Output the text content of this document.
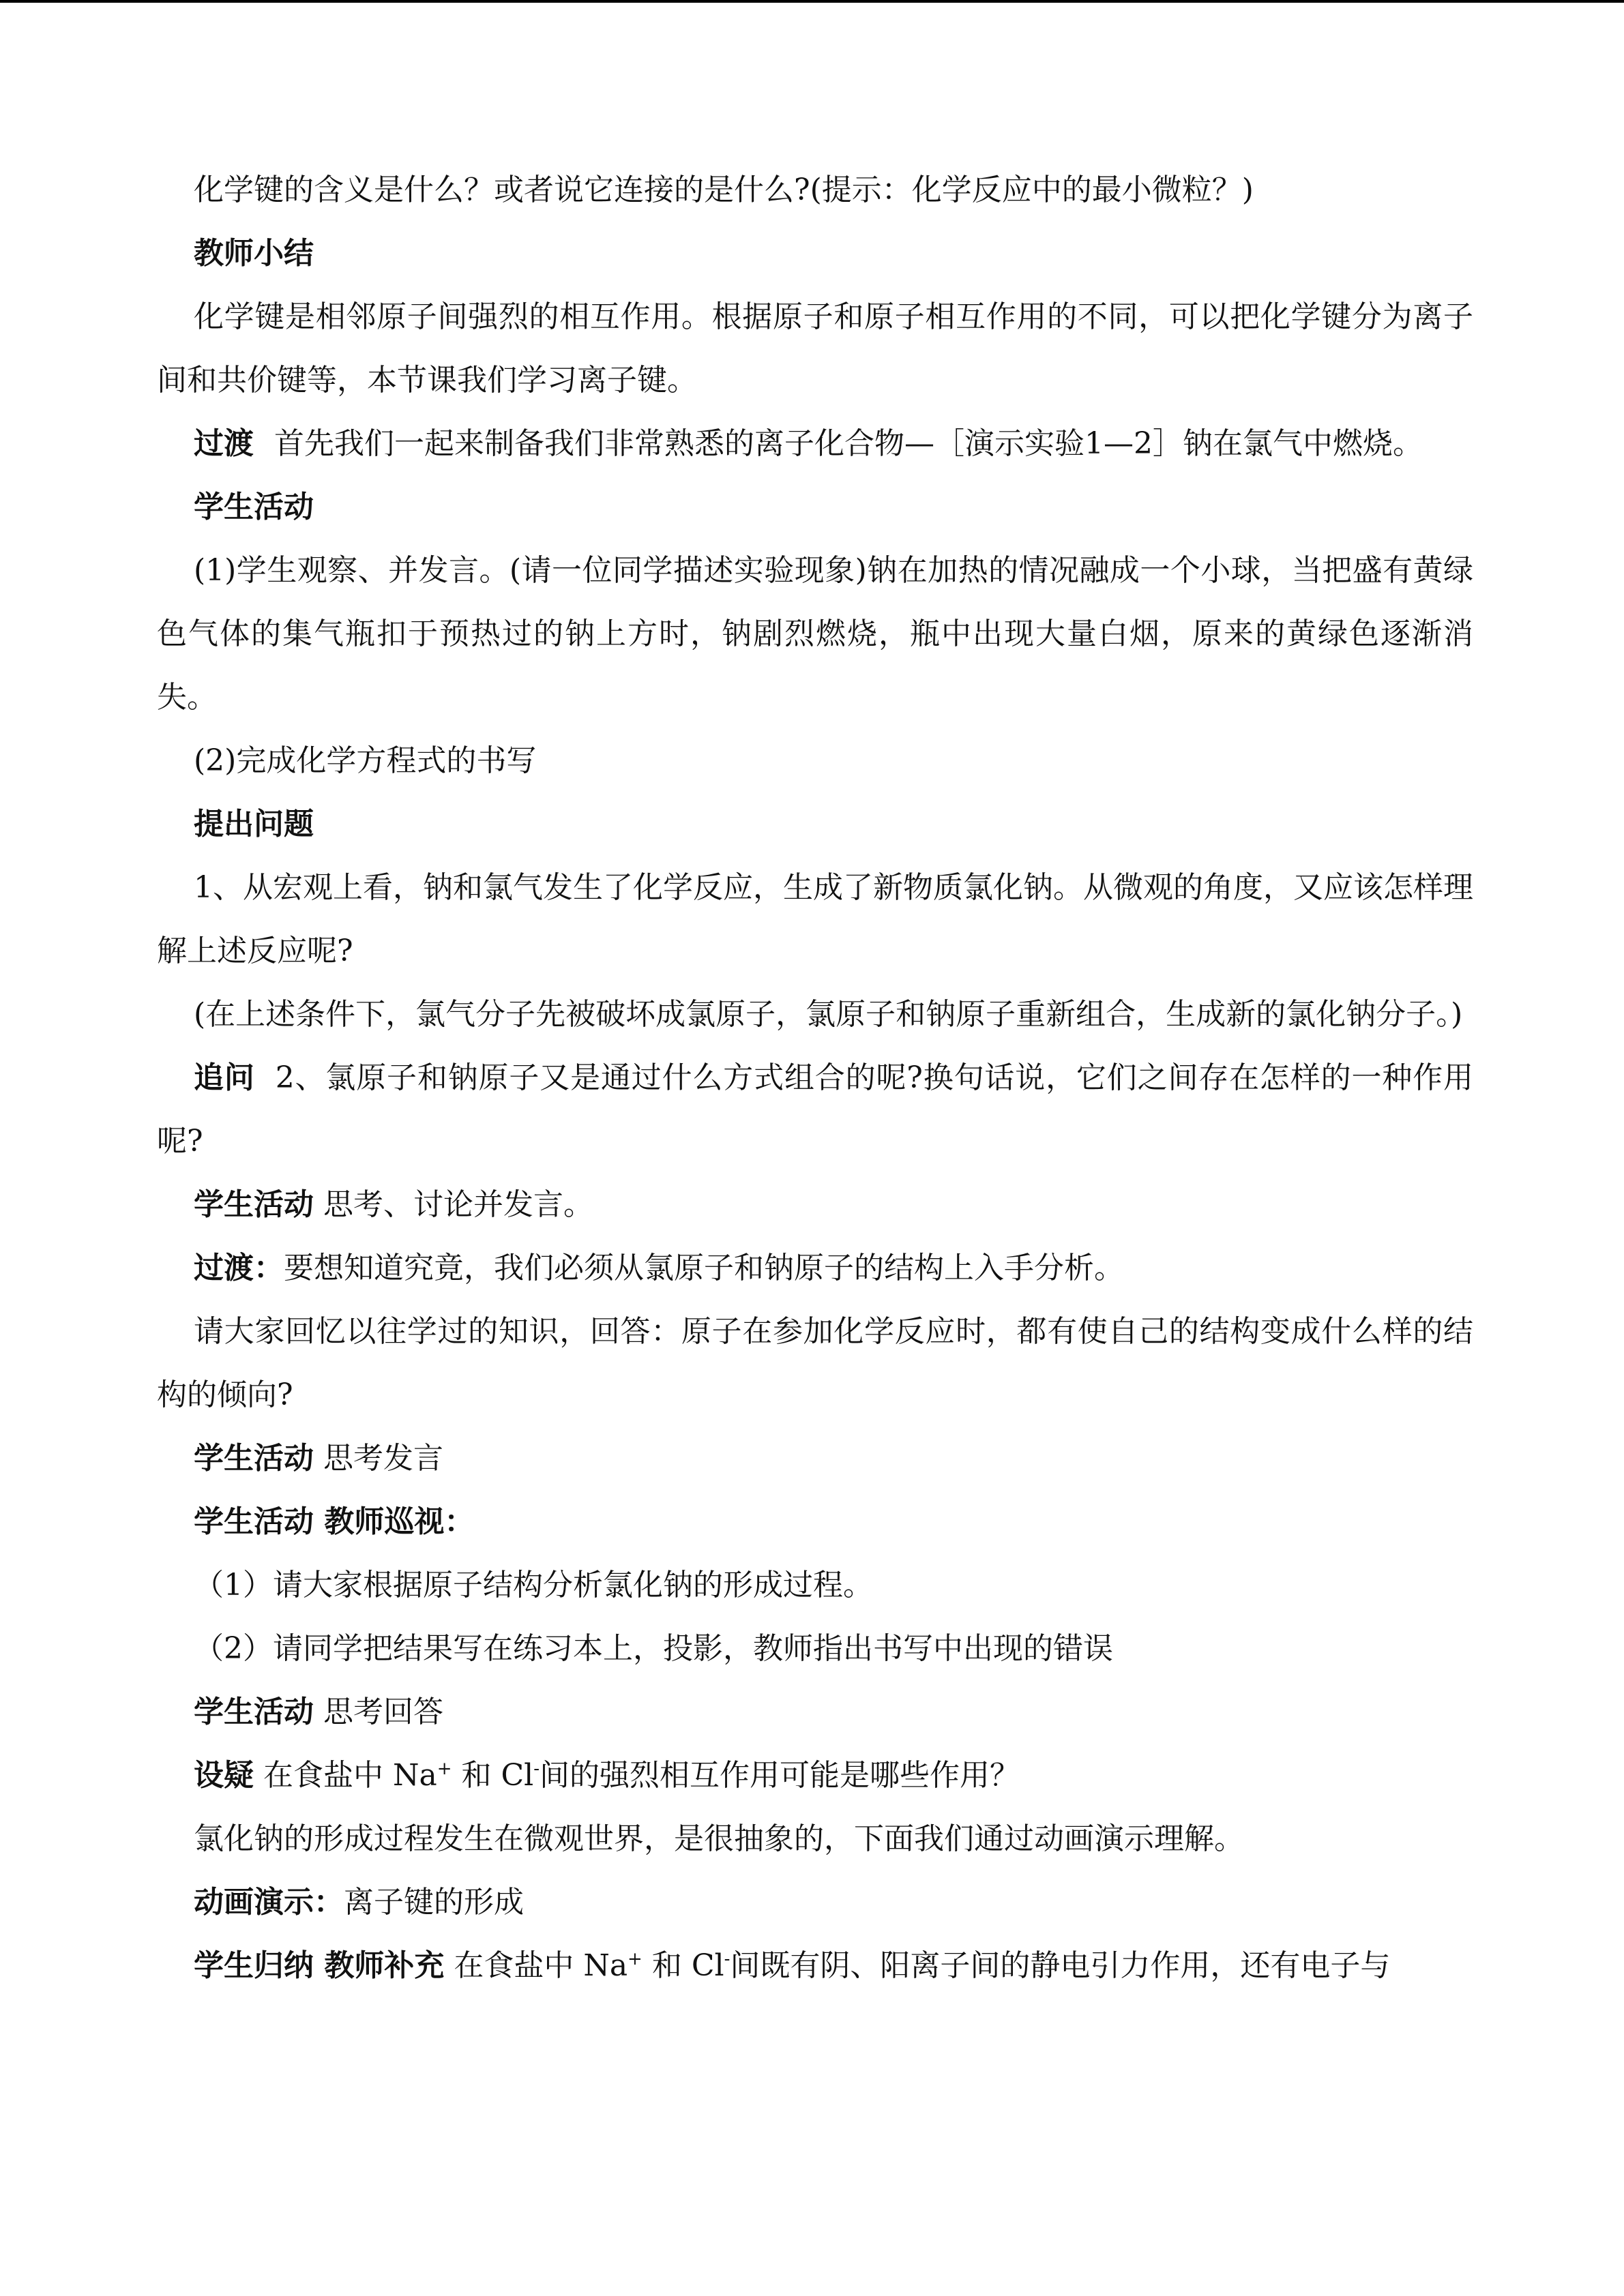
化学键的含义是什么？或者说它连接的是什么?(提示：化学反应中的最小微粒？)

教师小结

化学键是相邻原子间强烈的相互作用。根据原子和原子相互作用的不同，可以把化学键分为离子间和共价键等，本节课我们学习离子键。

过渡 首先我们一起来制备我们非常熟悉的离子化合物—［演示实验1—2］钠在氯气中燃烧。

学生活动

(1)学生观察、并发言。(请一位同学描述实验现象)钠在加热的情况融成一个小球，当把盛有黄绿色气体的集气瓶扣于预热过的钠上方时，钠剧烈燃烧，瓶中出现大量白烟，原来的黄绿色逐渐消失。

(2)完成化学方程式的书写

提出问题

1、从宏观上看，钠和氯气发生了化学反应，生成了新物质氯化钠。从微观的角度，又应该怎样理解上述反应呢?

(在上述条件下，氯气分子先被破坏成氯原子，氯原子和钠原子重新组合，生成新的氯化钠分子。)

追问 2、氯原子和钠原子又是通过什么方式组合的呢?换句话说，它们之间存在怎样的一种作用呢?

学生活动 思考、讨论并发言。

过渡：要想知道究竟，我们必须从氯原子和钠原子的结构上入手分析。

请大家回忆以往学过的知识，回答：原子在参加化学反应时，都有使自己的结构变成什么样的结构的倾向?

学生活动 思考发言

学生活动 教师巡视：

（1）请大家根据原子结构分析氯化钠的形成过程。

（2）请同学把结果写在练习本上，投影，教师指出书写中出现的错误

学生活动 思考回答

设疑 在食盐中 Na+ 和 Cl-间的强烈相互作用可能是哪些作用？

氯化钠的形成过程发生在微观世界，是很抽象的，下面我们通过动画演示理解。

动画演示：离子键的形成

学生归纳 教师补充 在食盐中 Na+ 和 Cl-间既有阴、阳离子间的静电引力作用，还有电子与
